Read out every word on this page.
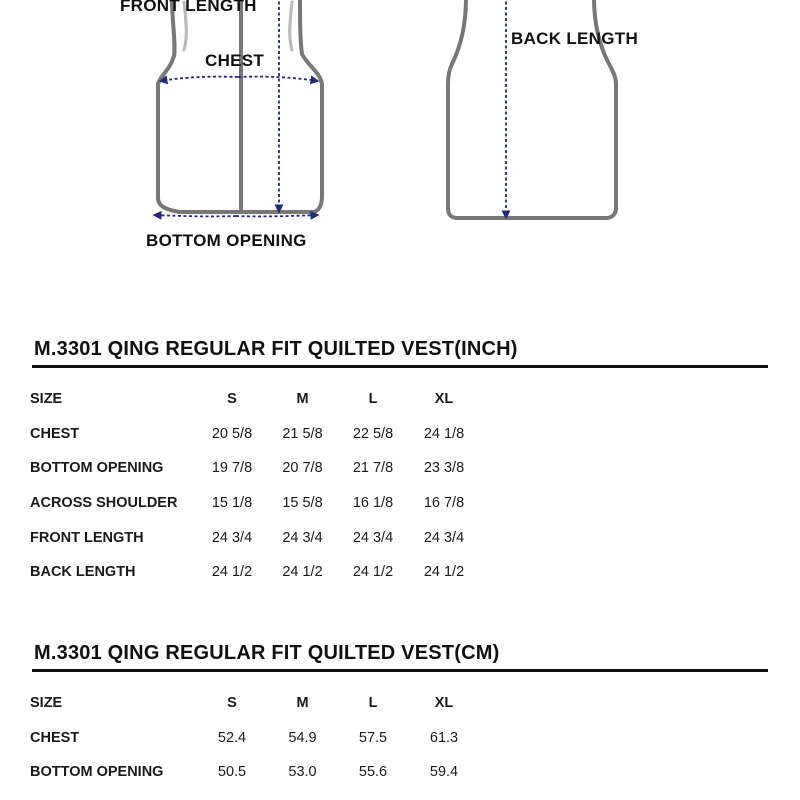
FRONT LENGTH
CHEST
BOTTOM OPENING
BACK LENGTH
M.3301 QING REGULAR FIT QUILTED VEST(INCH)
SIZE	S	M	L	XL
CHEST	20 5/8	21 5/8	22 5/8	24 1/8
BOTTOM OPENING	19 7/8	20 7/8	21 7/8	23 3/8
ACROSS SHOULDER	15 1/8	15 5/8	16 1/8	16 7/8
FRONT LENGTH	24 3/4	24 3/4	24 3/4	24 3/4
BACK LENGTH	24 1/2	24 1/2	24 1/2	24 1/2
M.3301 QING REGULAR FIT QUILTED VEST(CM)
SIZE	S	M	L	XL
CHEST	52.4	54.9	57.5	61.3
BOTTOM OPENING	50.5	53.0	55.6	59.4
